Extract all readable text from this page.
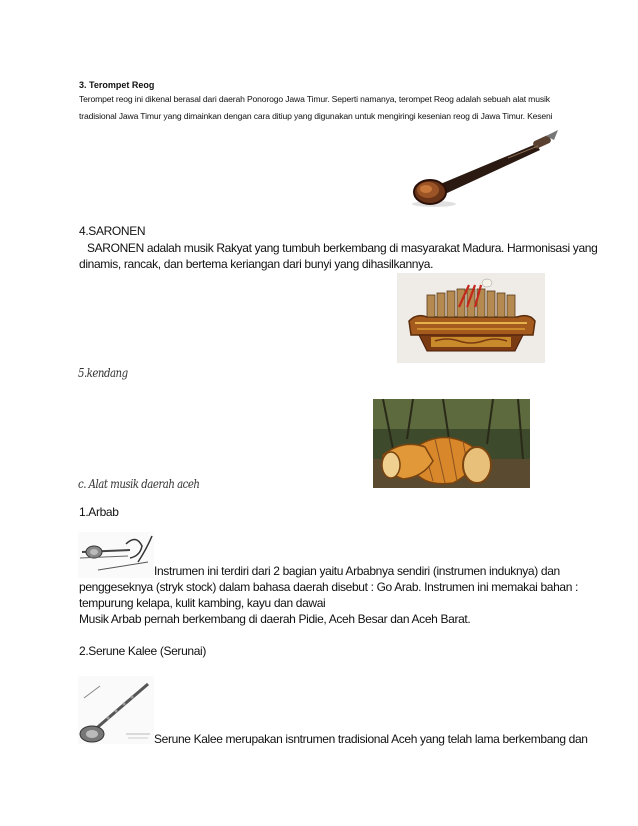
3. Terompet Reog
Terompet reog ini dikenal berasal dari daerah Ponorogo Jawa Timur. Seperti namanya, terompet Reog adalah sebuah alat musik
tradisional Jawa Timur yang dimainkan dengan cara ditiup yang digunakan untuk mengiringi kesenian reog di Jawa Timur. Keseni
4.SARONEN
SARONEN adalah musik Rakyat yang tumbuh berkembang di masyarakat Madura. Harmonisasi yang
dinamis, rancak, dan bertema keriangan dari bunyi yang dihasilkannya.
5.kendang
c. Alat musik daerah aceh
1.Arbab
Instrumen ini terdiri dari 2 bagian yaitu Arbabnya sendiri (instrumen induknya) dan
penggeseknya (stryk stock) dalam bahasa daerah disebut : Go Arab. Instrumen ini memakai bahan :
tempurung kelapa, kulit kambing, kayu dan dawai
Musik Arbab pernah berkembang di daerah Pidie, Aceh Besar dan Aceh Barat.
2.Serune Kalee (Serunai)
Serune Kalee merupakan isntrumen tradisional Aceh yang telah lama berkembang dan
